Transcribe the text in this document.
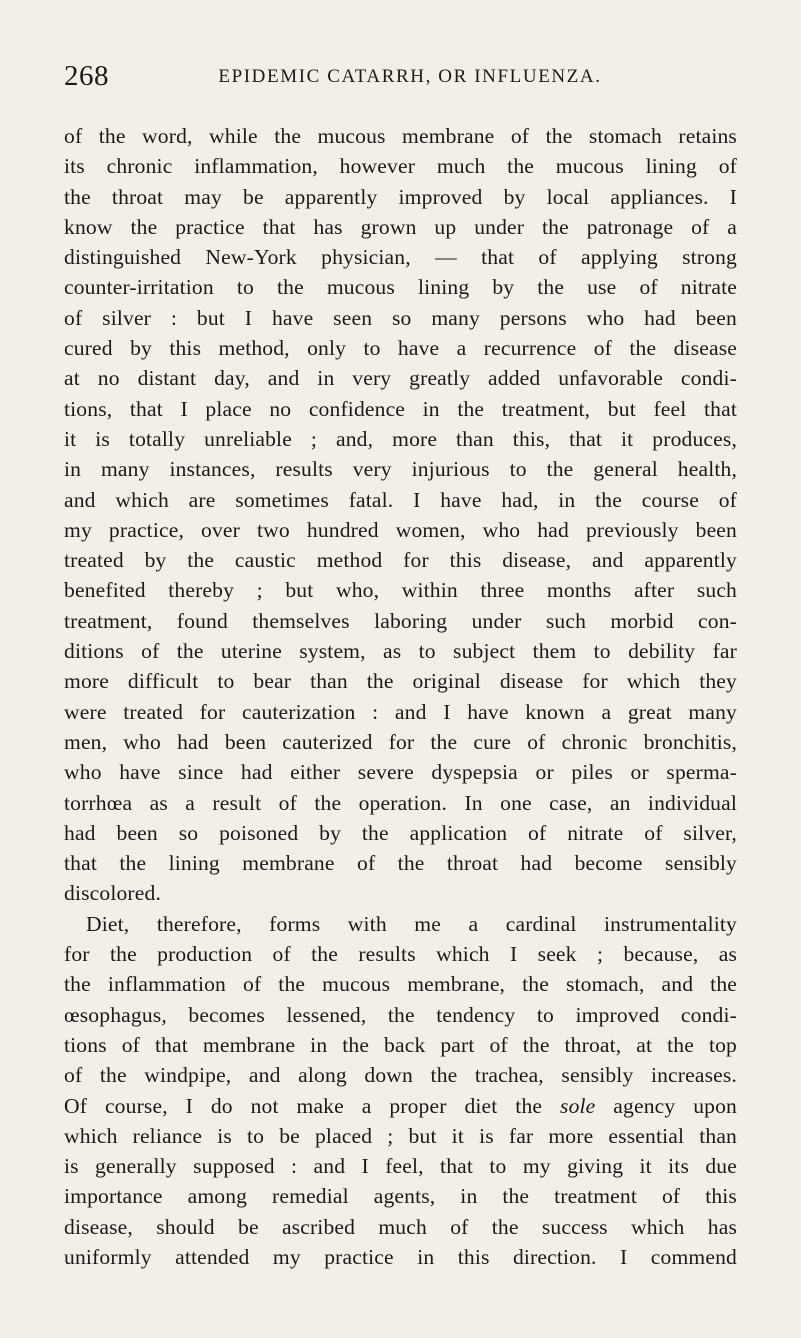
268	EPIDEMIC CATARRH, OR INFLUENZA.
of the word, while the mucous membrane of the stomach retains
its chronic inflammation, however much the mucous lining of
the throat may be apparently improved by local appliances. I
know the practice that has grown up under the patronage of a
distinguished New-York physician, — that of applying strong
counter-irritation to the mucous lining by the use of nitrate
of silver : but I have seen so many persons who had been
cured by this method, only to have a recurrence of the disease
at no distant day, and in very greatly added unfavorable condi-
tions, that I place no confidence in the treatment, but feel that
it is totally unreliable ; and, more than this, that it produces,
in many instances, results very injurious to the general health,
and which are sometimes fatal. I have had, in the course of
my practice, over two hundred women, who had previously been
treated by the caustic method for this disease, and apparently
benefited thereby ; but who, within three months after such
treatment, found themselves laboring under such morbid con-
ditions of the uterine system, as to subject them to debility far
more difficult to bear than the original disease for which they
were treated for cauterization : and I have known a great many
men, who had been cauterized for the cure of chronic bronchitis,
who have since had either severe dyspepsia or piles or sperma-
torrhœa as a result of the operation. In one case, an individual
had been so poisoned by the application of nitrate of silver,
that the lining membrane of the throat had become sensibly
discolored.
Diet, therefore, forms with me a cardinal instrumentality
for the production of the results which I seek ; because, as
the inflammation of the mucous membrane, the stomach, and the
œsophagus, becomes lessened, the tendency to improved condi-
tions of that membrane in the back part of the throat, at the top
of the windpipe, and along down the trachea, sensibly increases.
Of course, I do not make a proper diet the sole agency upon
which reliance is to be placed ; but it is far more essential than
is generally supposed : and I feel, that to my giving it its due
importance among remedial agents, in the treatment of this
disease, should be ascribed much of the success which has
uniformly attended my practice in this direction. I commend
